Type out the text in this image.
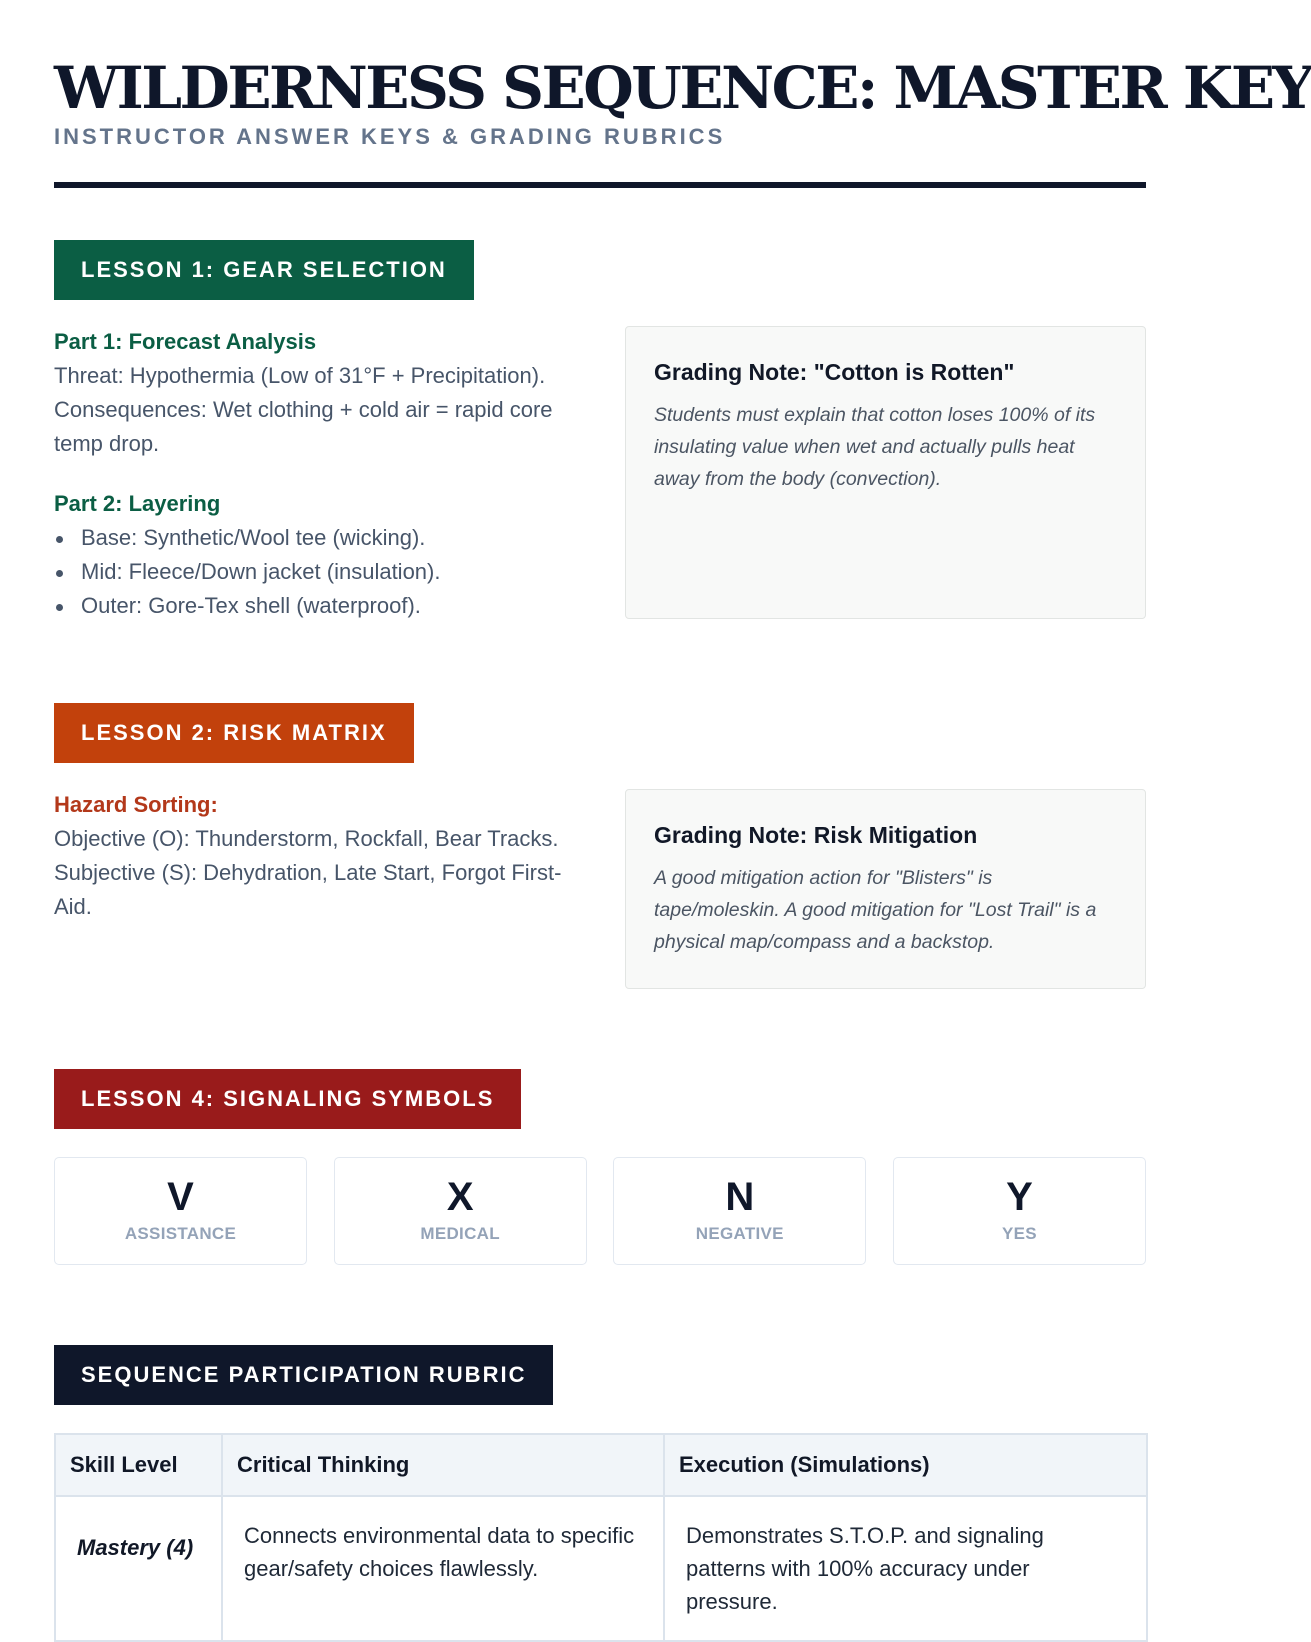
WILDERNESS SEQUENCE: MASTER KEY
INSTRUCTOR ANSWER KEYS & GRADING RUBRICS
LESSON 1: GEAR SELECTION
Part 1: Forecast Analysis
Threat: Hypothermia (Low of 31°F + Precipitation). Consequences: Wet clothing + cold air = rapid core temp drop.
Part 2: Layering
Base: Synthetic/Wool tee (wicking).
Mid: Fleece/Down jacket (insulation).
Outer: Gore-Tex shell (waterproof).
Grading Note: "Cotton is Rotten"
Students must explain that cotton loses 100% of its insulating value when wet and actually pulls heat away from the body (convection).
LESSON 2: RISK MATRIX
Hazard Sorting:
Objective (O): Thunderstorm, Rockfall, Bear Tracks.
Subjective (S): Dehydration, Late Start, Forgot First-Aid.
Grading Note: Risk Mitigation
A good mitigation action for "Blisters" is tape/moleskin. A good mitigation for "Lost Trail" is a physical map/compass and a backstop.
LESSON 4: SIGNALING SYMBOLS
V
ASSISTANCE
X
MEDICAL
N
NEGATIVE
Y
YES
SEQUENCE PARTICIPATION RUBRIC
Skill Level	Critical Thinking	Execution (Simulations)
Mastery (4)	Connects environmental data to specific gear/safety choices flawlessly.	Demonstrates S.T.O.P. and signaling patterns with 100% accuracy under pressure.
